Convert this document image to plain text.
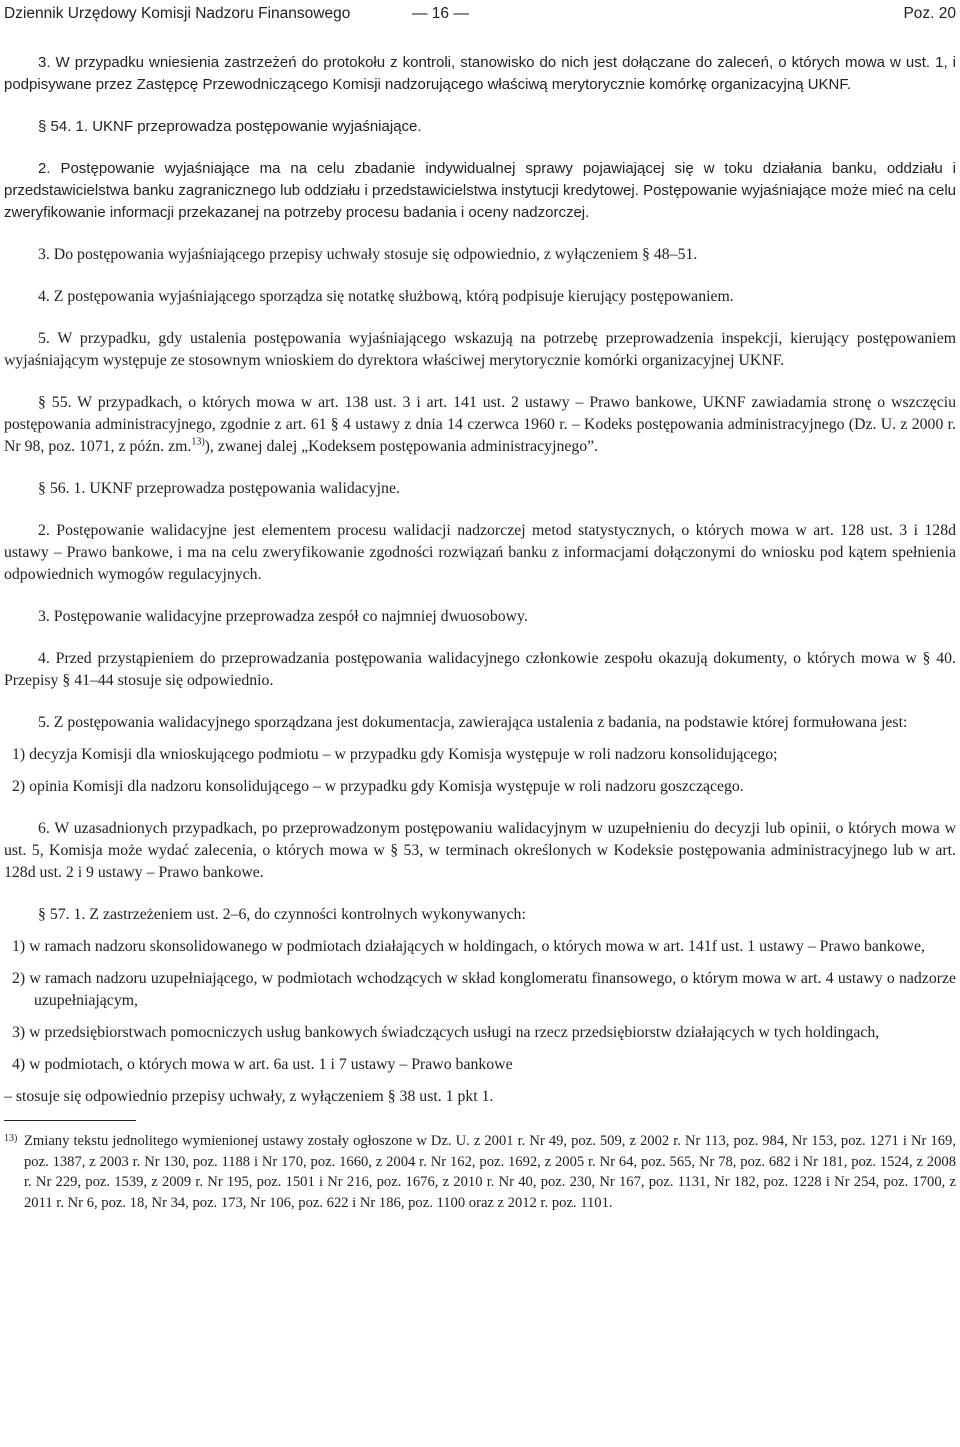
Dziennik Urzędowy Komisji Nadzoru Finansowego	— 16 —	Poz. 20

3. W przypadku wniesienia zastrzeżeń do protokołu z kontroli, stanowisko do nich jest dołączane do zaleceń, o których mowa w ust. 1, i podpisywane przez Zastępcę Przewodniczącego Komisji nadzorującego właściwą merytorycznie komórkę organizacyjną UKNF.

§ 54. 1. UKNF przeprowadza postępowanie wyjaśniające.

2. Postępowanie wyjaśniające ma na celu zbadanie indywidualnej sprawy pojawiającej się w toku działania banku, oddziału i przedstawicielstwa banku zagranicznego lub oddziału i przedstawicielstwa instytucji kredytowej. Postępowanie wyjaśniające może mieć na celu zweryfikowanie informacji przekazanej na potrzeby procesu badania i oceny nadzorczej.

3. Do postępowania wyjaśniającego przepisy uchwały stosuje się odpowiednio, z wyłączeniem § 48–51.

4. Z postępowania wyjaśniającego sporządza się notatkę służbową, którą podpisuje kierujący postępowaniem.

5. W przypadku, gdy ustalenia postępowania wyjaśniającego wskazują na potrzebę przeprowadzenia inspekcji, kierujący postępowaniem wyjaśniającym występuje ze stosownym wnioskiem do dyrektora właściwej merytorycznie komórki organizacyjnej UKNF.

§ 55. W przypadkach, o których mowa w art. 138 ust. 3 i art. 141 ust. 2 ustawy – Prawo bankowe, UKNF zawiadamia stronę o wszczęciu postępowania administracyjnego, zgodnie z art. 61 § 4 ustawy z dnia 14 czerwca 1960 r. – Kodeks postępowania administracyjnego (Dz. U. z 2000 r. Nr 98, poz. 1071, z późn. zm.$^{13)}$), zwanej dalej „Kodeksem postępowania administracyjnego”.

§ 56. 1. UKNF przeprowadza postępowania walidacyjne.

2. Postępowanie walidacyjne jest elementem procesu walidacji nadzorczej metod statystycznych, o których mowa w art. 128 ust. 3 i 128d ustawy – Prawo bankowe, i ma na celu zweryfikowanie zgodności rozwiązań banku z informacjami dołączonymi do wniosku pod kątem spełnienia odpowiednich wymogów regulacyjnych.

3. Postępowanie walidacyjne przeprowadza zespół co najmniej dwuosobowy.

4. Przed przystąpieniem do przeprowadzania postępowania walidacyjnego członkowie zespołu okazują dokumenty, o których mowa w § 40. Przepisy § 41–44 stosuje się odpowiednio.

5. Z postępowania walidacyjnego sporządzana jest dokumentacja, zawierająca ustalenia z badania, na podstawie której formułowana jest:

1) decyzja Komisji dla wnioskującego podmiotu – w przypadku gdy Komisja występuje w roli nadzoru konsolidującego;

2) opinia Komisji dla nadzoru konsolidującego – w przypadku gdy Komisja występuje w roli nadzoru goszczącego.

6. W uzasadnionych przypadkach, po przeprowadzonym postępowaniu walidacyjnym w uzupełnieniu do decyzji lub opinii, o których mowa w ust. 5, Komisja może wydać zalecenia, o których mowa w § 53, w terminach określonych w Kodeksie postępowania administracyjnego lub w art. 128d ust. 2 i 9 ustawy – Prawo bankowe.

§ 57. 1. Z zastrzeżeniem ust. 2–6, do czynności kontrolnych wykonywanych:

1) w ramach nadzoru skonsolidowanego w podmiotach działających w holdingach, o których mowa w art. 141f ust. 1 ustawy – Prawo bankowe,

2) w ramach nadzoru uzupełniającego, w podmiotach wchodzących w skład konglomeratu finansowego, o którym mowa w art. 4 ustawy o nadzorze uzupełniającym,

3) w przedsiębiorstwach pomocniczych usług bankowych świadczących usługi na rzecz przedsiębiorstw działających w tych holdingach,

4) w podmiotach, o których mowa w art. 6a ust. 1 i 7 ustawy – Prawo bankowe

– stosuje się odpowiednio przepisy uchwały, z wyłączeniem § 38 ust. 1 pkt 1.

13) Zmiany tekstu jednolitego wymienionej ustawy zostały ogłoszone w Dz. U. z 2001 r. Nr 49, poz. 509, z 2002 r. Nr 113, poz. 984, Nr 153, poz. 1271 i Nr 169, poz. 1387, z 2003 r. Nr 130, poz. 1188 i Nr 170, poz. 1660, z 2004 r. Nr 162, poz. 1692, z 2005 r. Nr 64, poz. 565, Nr 78, poz. 682 i Nr 181, poz. 1524, z 2008 r. Nr 229, poz. 1539, z 2009 r. Nr 195, poz. 1501 i Nr 216, poz. 1676, z 2010 r. Nr 40, poz. 230, Nr 167, poz. 1131, Nr 182, poz. 1228 i Nr 254, poz. 1700, z 2011 r. Nr 6, poz. 18, Nr 34, poz. 173, Nr 106, poz. 622 i Nr 186, poz. 1100 oraz z 2012 r. poz. 1101.
